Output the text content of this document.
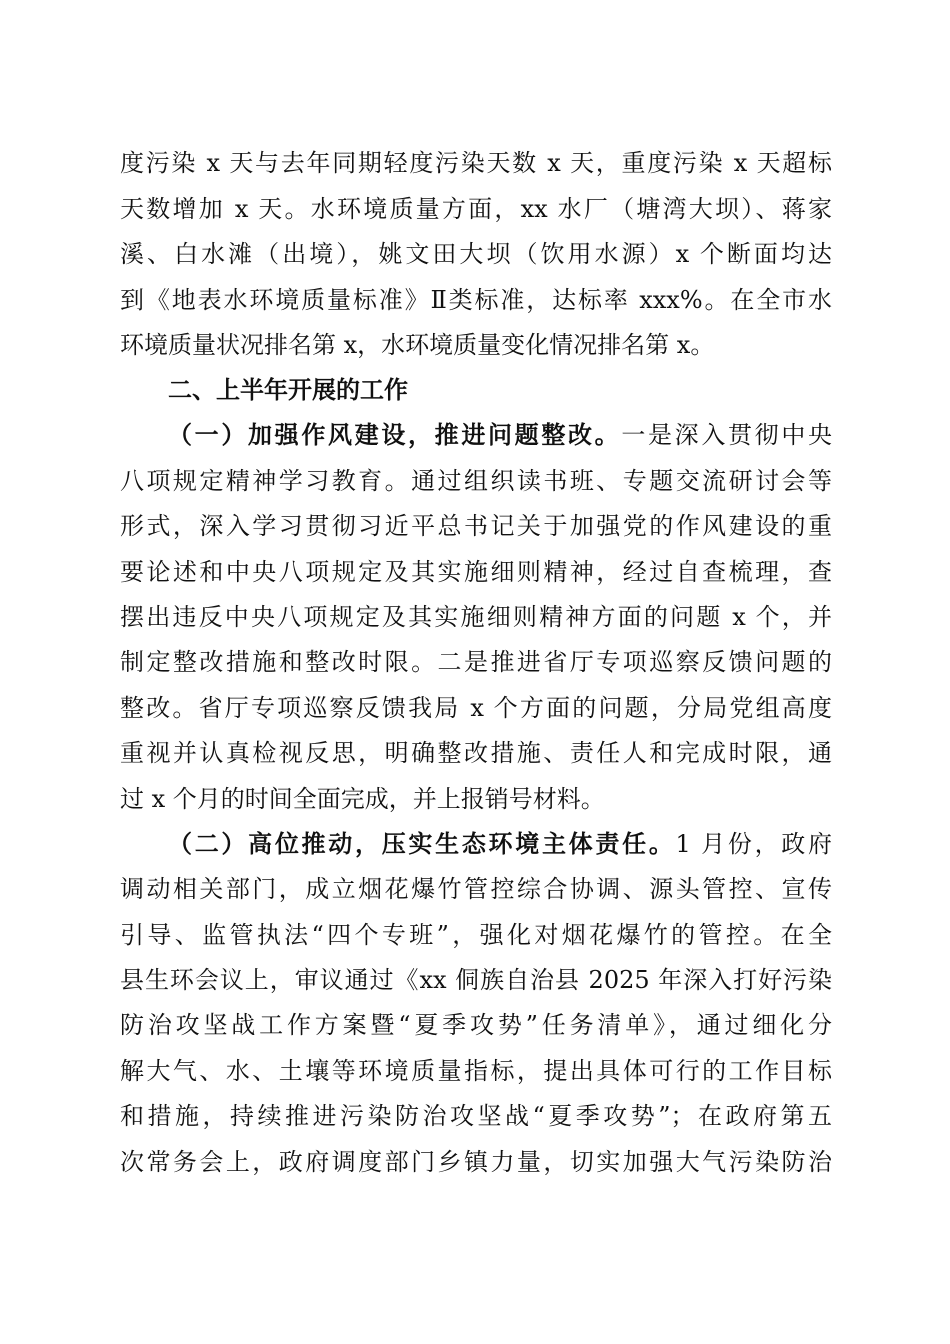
度污染 x 天与去年同期轻度污染天数 x 天，重度污染 x 天超标
天数增加 x 天。水环境质量方面，xx 水厂（塘湾大坝）、蒋家
溪、白水滩（出境），姚文田大坝（饮用水源）x 个断面均达
到《地表水环境质量标准》Ⅱ类标准，达标率 xxx%。在全市水
环境质量状况排名第 x，水环境质量变化情况排名第 x。
二、上半年开展的工作
（一）加强作风建设，推进问题整改。一是深入贯彻中央
八项规定精神学习教育。通过组织读书班、专题交流研讨会等
形式，深入学习贯彻习近平总书记关于加强党的作风建设的重
要论述和中央八项规定及其实施细则精神，经过自查梳理，查
摆出违反中央八项规定及其实施细则精神方面的问题 x 个，并
制定整改措施和整改时限。二是推进省厅专项巡察反馈问题的
整改。省厅专项巡察反馈我局 x 个方面的问题，分局党组高度
重视并认真检视反思，明确整改措施、责任人和完成时限，通
过 x 个月的时间全面完成，并上报销号材料。
（二）高位推动，压实生态环境主体责任。1 月份，政府
调动相关部门，成立烟花爆竹管控综合协调、源头管控、宣传
引导、监管执法“四个专班”，强化对烟花爆竹的管控。在全
县生环会议上，审议通过《xx 侗族自治县 2025 年深入打好污染
防治攻坚战工作方案暨“夏季攻势”任务清单》，通过细化分
解大气、水、土壤等环境质量指标，提出具体可行的工作目标
和措施，持续推进污染防治攻坚战“夏季攻势”；在政府第五
次常务会上，政府调度部门乡镇力量，切实加强大气污染防治
